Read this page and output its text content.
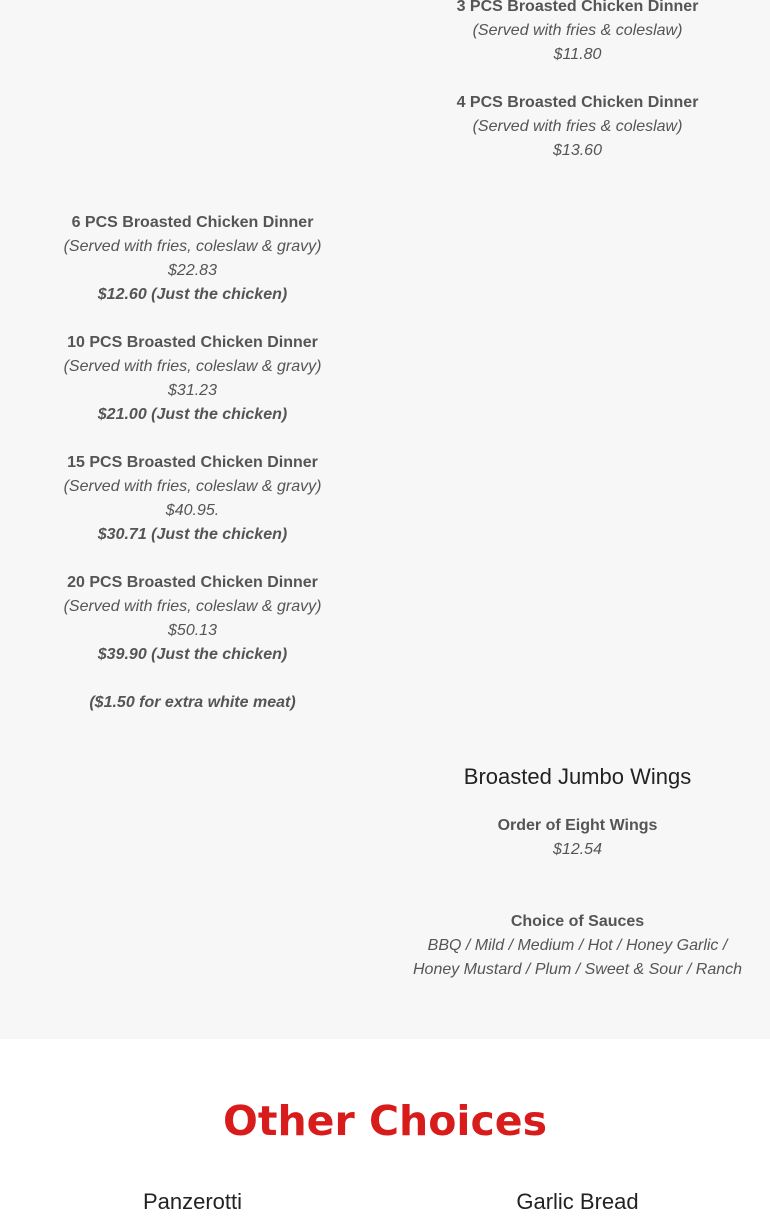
3 PCS Broasted Chicken Dinner
(Served with fries & coleslaw)
$11.80
4 PCS Broasted Chicken Dinner
(Served with fries & coleslaw)
$13.60
6 PCS Broasted Chicken Dinner
(Served with fries, coleslaw & gravy)
$22.83
$12.60 (Just the chicken)
10 PCS Broasted Chicken Dinner
(Served with fries, coleslaw & gravy)
$31.23
$21.00 (Just the chicken)
15 PCS Broasted Chicken Dinner
(Served with fries, coleslaw & gravy)
$40.95.
$30.71 (Just the chicken)
20 PCS Broasted Chicken Dinner
(Served with fries, coleslaw & gravy)
$50.13
$39.90 (Just the chicken)
($1.50 for extra white meat)
Broasted Jumbo Wings
Order of Eight Wings
$12.54
Choice of Sauces
BBQ / Mild / Medium / Hot / Honey Garlic /
Honey Mustard / Plum / Sweet & Sour / Ranch
Other Choices
Panzerotti	Garlic Bread
